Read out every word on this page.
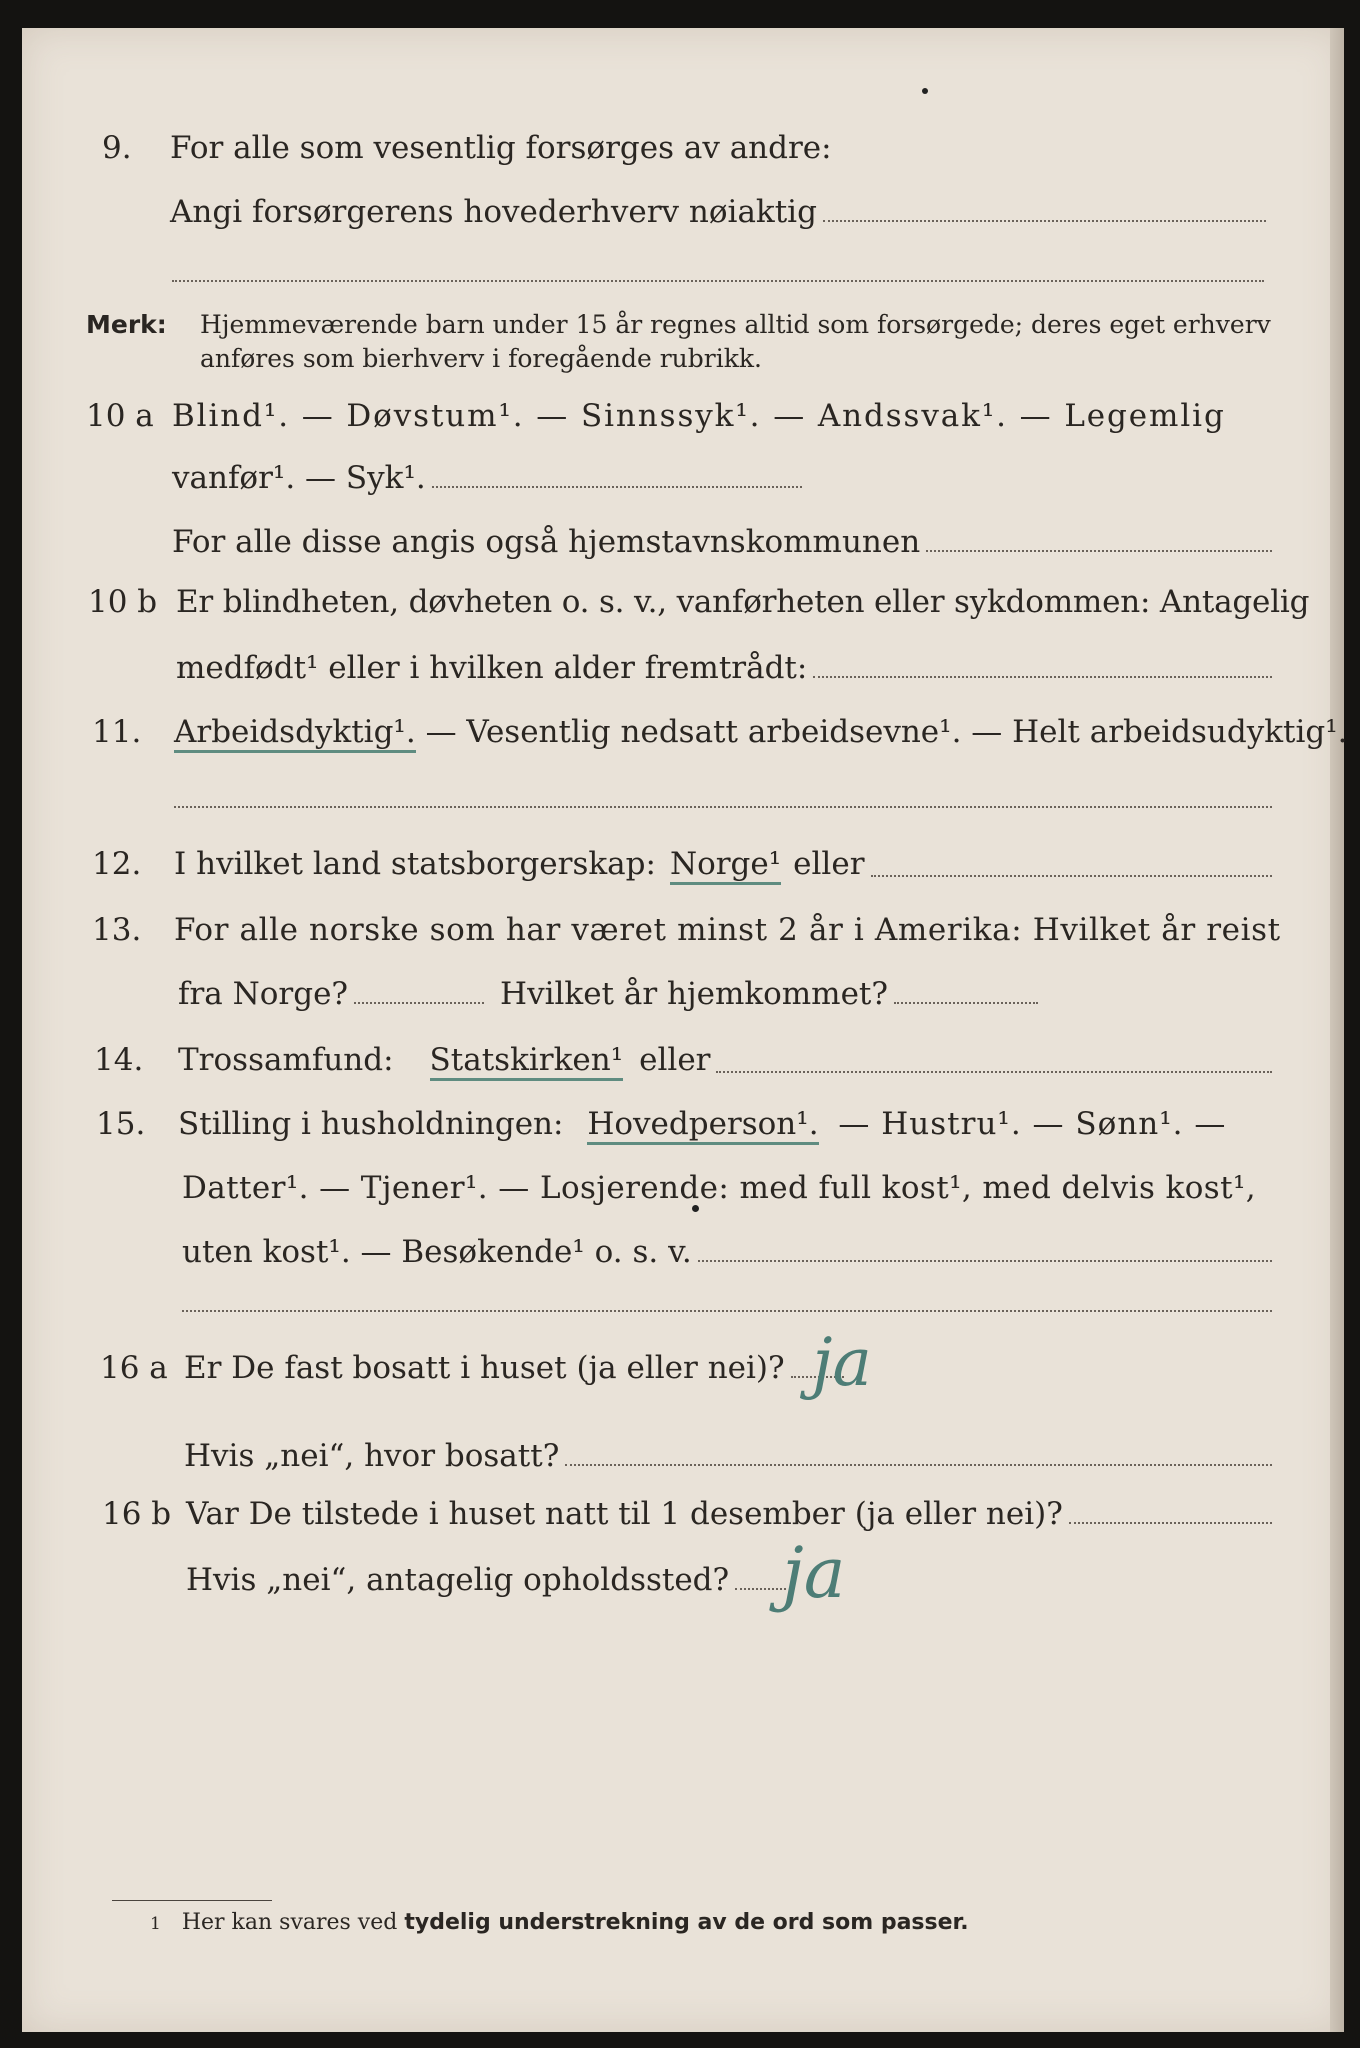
9. For alle som vesentlig forsørges av andre:
Angi forsørgerens hovederhverv nøiaktig
Merk: Hjemmeværende barn under 15 år regnes alltid som forsørgede; deres eget erhverv
anføres som bierhverv i foregående rubrikk.
10 a Blind¹. — Døvstum¹. — Sinnssyk¹. — Andssvak¹. — Legemlig
vanfør¹. — Syk¹.
For alle disse angis også hjemstavnskommunen
10 b Er blindheten, døvheten o. s. v., vanførheten eller sykdommen: Antagelig
medfødt¹ eller i hvilken alder fremtrådt:
11. Arbeidsdyktig¹. — Vesentlig nedsatt arbeidsevne¹. — Helt arbeidsudyktig¹.
12. I hvilket land statsborgerskap: Norge¹ eller
13. For alle norske som har været minst 2 år i Amerika: Hvilket år reist
fra Norge?	Hvilket år hjemkommet?
14. Trossamfund: Statskirken¹ eller
15. Stilling i husholdningen: Hovedperson¹. — Hustru¹. — Sønn¹. —
Datter¹. — Tjener¹. — Losjerende: med full kost¹, med delvis kost¹,
uten kost¹. — Besøkende¹ o. s. v.
16 a Er De fast bosatt i huset (ja eller nei)? ja
Hvis „nei“, hvor bosatt?
16 b Var De tilstede i huset natt til 1 desember (ja eller nei)?
ja
Hvis „nei“, antagelig opholdssted?
1 Her kan svares ved tydelig understrekning av de ord som passer.
